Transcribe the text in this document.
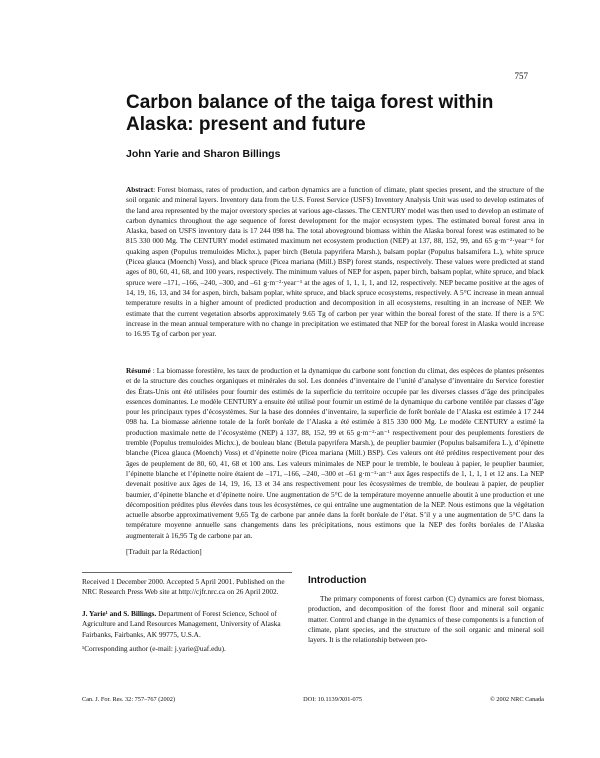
757
Carbon balance of the taiga forest within Alaska: present and future
John Yarie and Sharon Billings
Abstract: Forest biomass, rates of production, and carbon dynamics are a function of climate, plant species present, and the structure of the soil organic and mineral layers. Inventory data from the U.S. Forest Service (USFS) Inventory Analysis Unit was used to develop estimates of the land area represented by the major overstory species at various age-classes. The CENTURY model was then used to develop an estimate of carbon dynamics throughout the age sequence of forest development for the major ecosystem types. The estimated boreal forest area in Alaska, based on USFS inventory data is 17 244 098 ha. The total aboveground biomass within the Alaska boreal forest was estimated to be 815 330 000 Mg. The CENTURY model estimated maximum net ecosystem production (NEP) at 137, 88, 152, 99, and 65 g·m⁻²·year⁻¹ for quaking aspen (Populus tremuloides Michx.), paper birch (Betula papyrifera Marsh.), balsam poplar (Populus balsamifera L.), white spruce (Picea glauca (Moench) Voss), and black spruce (Picea mariana (Mill.) BSP) forest stands, respectively. These values were predicted at stand ages of 80, 60, 41, 68, and 100 years, respectively. The minimum values of NEP for aspen, paper birch, balsam poplar, white spruce, and black spruce were –171, –166, –240, –300, and –61 g·m⁻²·year⁻¹ at the ages of 1, 1, 1, 1, and 12, respectively. NEP became positive at the ages of 14, 19, 16, 13, and 34 for aspen, birch, balsam poplar, white spruce, and black spruce ecosystems, respectively. A 5°C increase in mean annual temperature results in a higher amount of predicted production and decomposition in all ecosystems, resulting in an increase of NEP. We estimate that the current vegetation absorbs approximately 9.65 Tg of carbon per year within the boreal forest of the state. If there is a 5°C increase in the mean annual temperature with no change in precipitation we estimated that NEP for the boreal forest in Alaska would increase to 16.95 Tg of carbon per year.
Résumé : La biomasse forestière, les taux de production et la dynamique du carbone sont fonction du climat, des espèces de plantes présentes et de la structure des couches organiques et minérales du sol. Les données d’inventaire de l’unité d’analyse d’inventaire du Service forestier des États-Unis ont été utilisées pour fournir des estimés de la superficie du territoire occupée par les diverses classes d’âge des principales essences dominantes. Le modèle CENTURY a ensuite été utilisé pour fournir un estimé de la dynamique du carbone ventilée par classes d’âge pour les principaux types d’écosystèmes. Sur la base des données d’inventaire, la superficie de forêt boréale de l’Alaska est estimée à 17 244 098 ha. La biomasse aérienne totale de la forêt boréale de l’Alaska a été estimée à 815 330 000 Mg. Le modèle CENTURY a estimé la production maximale nette de l’écosystème (NEP) à 137, 88, 152, 99 et 65 g·m⁻²·an⁻¹ respectivement pour des peuplements forestiers de tremble (Populus tremuloides Michx.), de bouleau blanc (Betula papyrifera Marsh.), de peuplier baumier (Populus balsamifera L.), d’épinette blanche (Picea glauca (Moench) Voss) et d’épinette noire (Picea mariana (Mill.) BSP). Ces valeurs ont été prédites respectivement pour des âges de peuplement de 80, 60, 41, 68 et 100 ans. Les valeurs minimales de NEP pour le tremble, le bouleau à papier, le peuplier baumier, l’épinette blanche et l’épinette noire étaient de –171, –166, –240, –300 et –61 g·m⁻²·an⁻¹ aux âges respectifs de 1, 1, 1, 1 et 12 ans. La NEP devenait positive aux âges de 14, 19, 16, 13 et 34 ans respectivement pour les écosystèmes de tremble, de bouleau à papier, de peuplier baumier, d’épinette blanche et d’épinette noire. Une augmentation de 5°C de la température moyenne annuelle aboutit à une production et une décomposition prédites plus élevées dans tous les écosystèmes, ce qui entraîne une augmentation de la NEP. Nous estimons que la végétation actuelle absorbe approximativement 9,65 Tg de carbone par année dans la forêt boréale de l’état. S’il y a une augmentation de 5°C dans la température moyenne annuelle sans changements dans les précipitations, nous estimons que la NEP des forêts boréales de l’Alaska augmenterait à 16,95 Tg de carbone par an.
[Traduit par la Rédaction]
Received 1 December 2000. Accepted 5 April 2001. Published on the NRC Research Press Web site at http://cjfr.nrc.ca on 26 April 2002.
J. Yarie¹ and S. Billings. Department of Forest Science, School of Agriculture and Land Resources Management, University of Alaska Fairbanks, Fairbanks, AK 99775, U.S.A.
¹Corresponding author (e-mail: j.yarie@uaf.edu).
Introduction

The primary components of forest carbon (C) dynamics are forest biomass, production, and decomposition of the forest floor and mineral soil organic matter. Control and change in the dynamics of these components is a function of climate, plant species, and the structure of the soil organic and mineral soil layers. It is the relationship between pro-

Can. J. For. Res. 32: 757–767 (2002)	DOI: 10.1139/X01-075	© 2002 NRC Canada
